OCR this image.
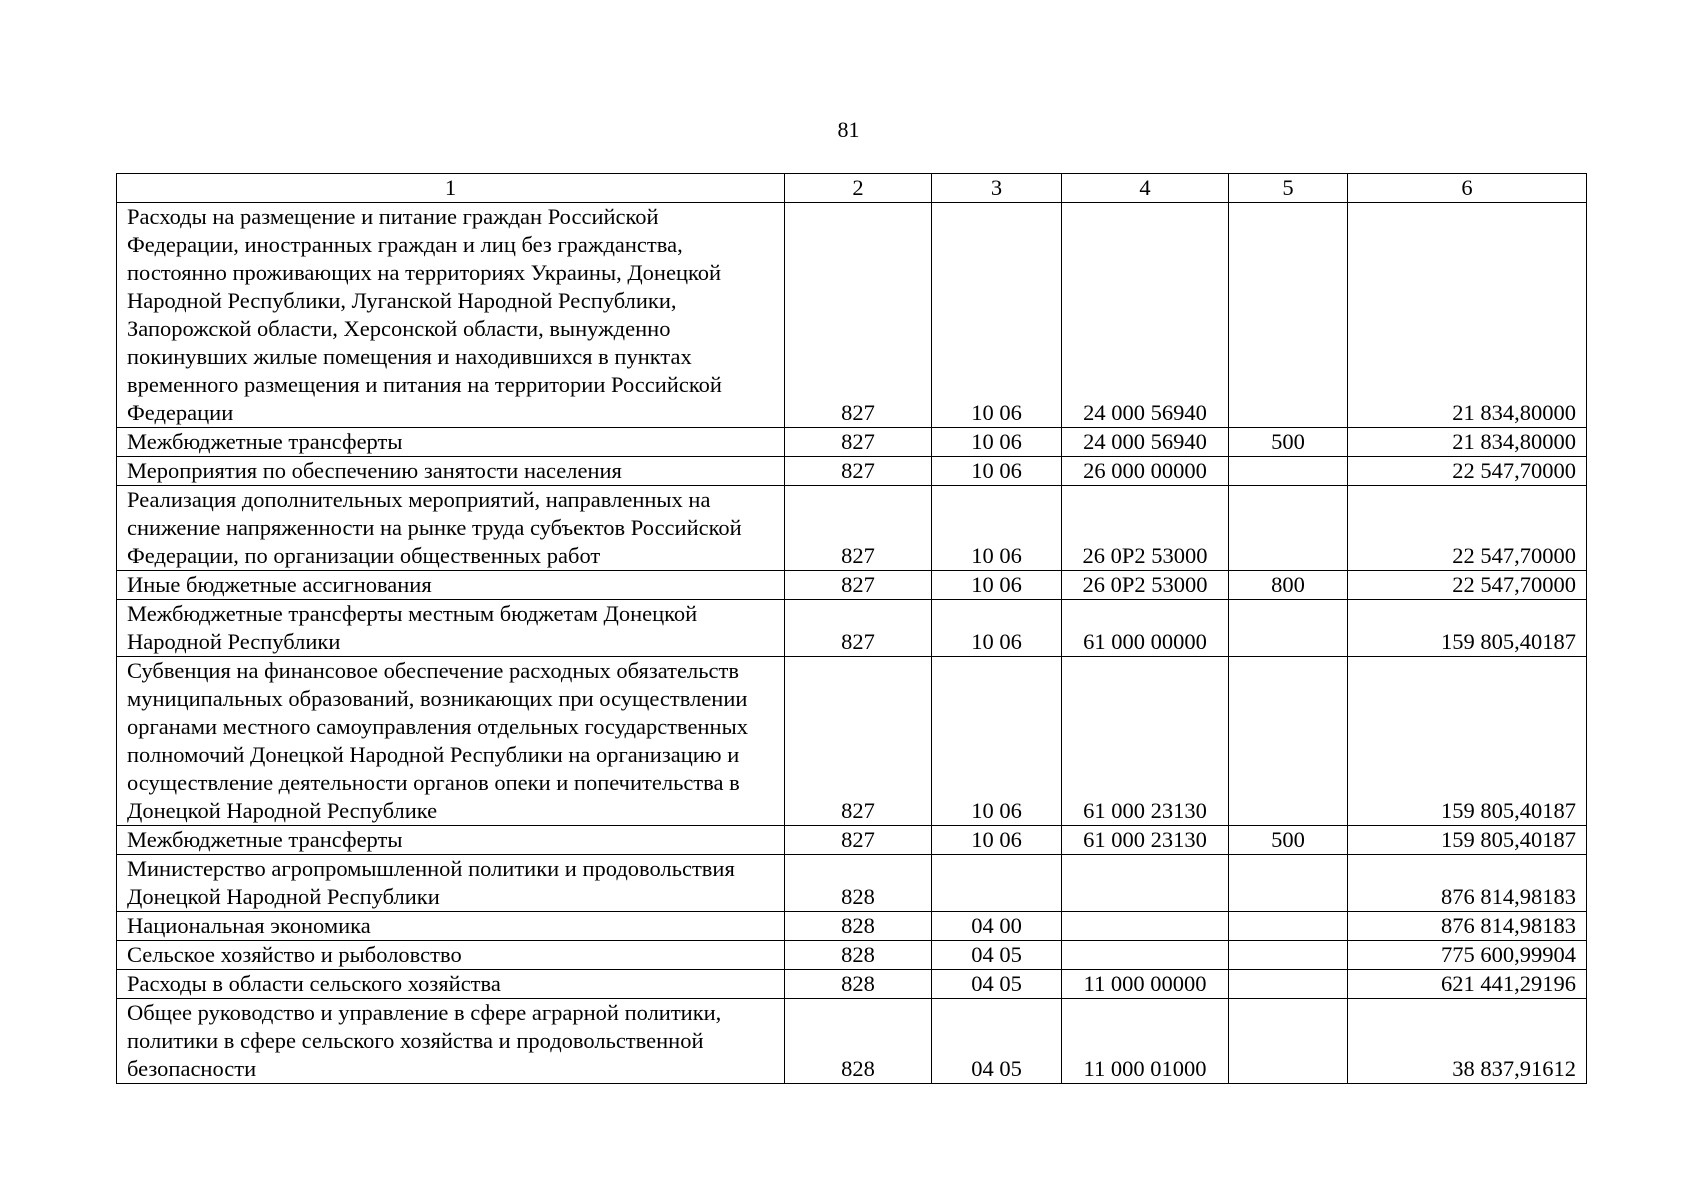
81
1	2	3	4	5	6
Расходы на размещение и питание граждан Российской Федерации, иностранных граждан и лиц без гражданства, постоянно проживающих на территориях Украины, Донецкой Народной Республики, Луганской Народной Республики, Запорожской области, Херсонской области, вынужденно покинувших жилые помещения и находившихся в пунктах временного размещения и питания на территории Российской Федерации	827	10 06	24 000 56940		21 834,80000
Межбюджетные трансферты	827	10 06	24 000 56940	500	21 834,80000
Мероприятия по обеспечению занятости населения	827	10 06	26 000 00000		22 547,70000
Реализация дополнительных мероприятий, направленных на снижение напряженности на рынке труда субъектов Российской Федерации, по организации общественных работ	827	10 06	26 0P2 53000		22 547,70000
Иные бюджетные ассигнования	827	10 06	26 0P2 53000	800	22 547,70000
Межбюджетные трансферты местным бюджетам Донецкой Народной Республики	827	10 06	61 000 00000		159 805,40187
Субвенция на финансовое обеспечение расходных обязательств муниципальных образований, возникающих при осуществлении органами местного самоуправления отдельных государственных полномочий Донецкой Народной Республики на организацию и осуществление деятельности органов опеки и попечительства в Донецкой Народной Республике	827	10 06	61 000 23130		159 805,40187
Межбюджетные трансферты	827	10 06	61 000 23130	500	159 805,40187
Министерство агропромышленной политики и продовольствия Донецкой Народной Республики	828				876 814,98183
Национальная экономика	828	04 00			876 814,98183
Сельское хозяйство и рыболовство	828	04 05			775 600,99904
Расходы в области сельского хозяйства	828	04 05	11 000 00000		621 441,29196
Общее руководство и управление в сфере аграрной политики, политики в сфере сельского хозяйства и продовольственной безопасности	828	04 05	11 000 01000		38 837,91612
